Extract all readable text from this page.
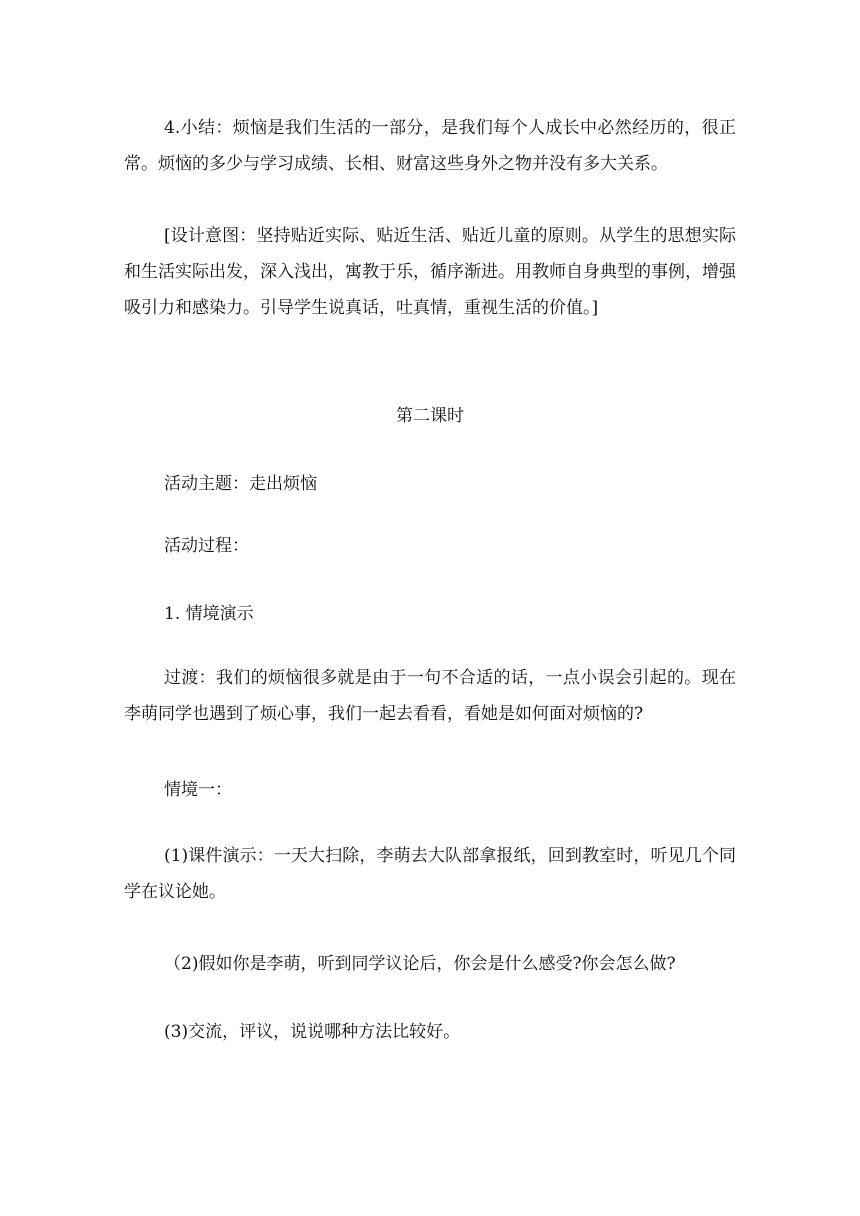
4.小结：烦恼是我们生活的一部分，是我们每个人成长中必然经历的，很正常。烦恼的多少与学习成绩、长相、财富这些身外之物并没有多大关系。

[设计意图：坚持贴近实际、贴近生活、贴近儿童的原则。从学生的思想实际和生活实际出发，深入浅出，寓教于乐，循序渐进。用教师自身典型的事例，增强吸引力和感染力。引导学生说真话，吐真情，重视生活的价值。]

第二课时

活动主题：走出烦恼

活动过程：

1. 情境演示

过渡：我们的烦恼很多就是由于一句不合适的话，一点小误会引起的。现在李萌同学也遇到了烦心事，我们一起去看看，看她是如何面对烦恼的?

情境一：

(1)课件演示：一天大扫除，李萌去大队部拿报纸，回到教室时，听见几个同学在议论她。

（2)假如你是李萌，听到同学议论后，你会是什么感受?你会怎么做?

(3)交流，评议，说说哪种方法比较好。
